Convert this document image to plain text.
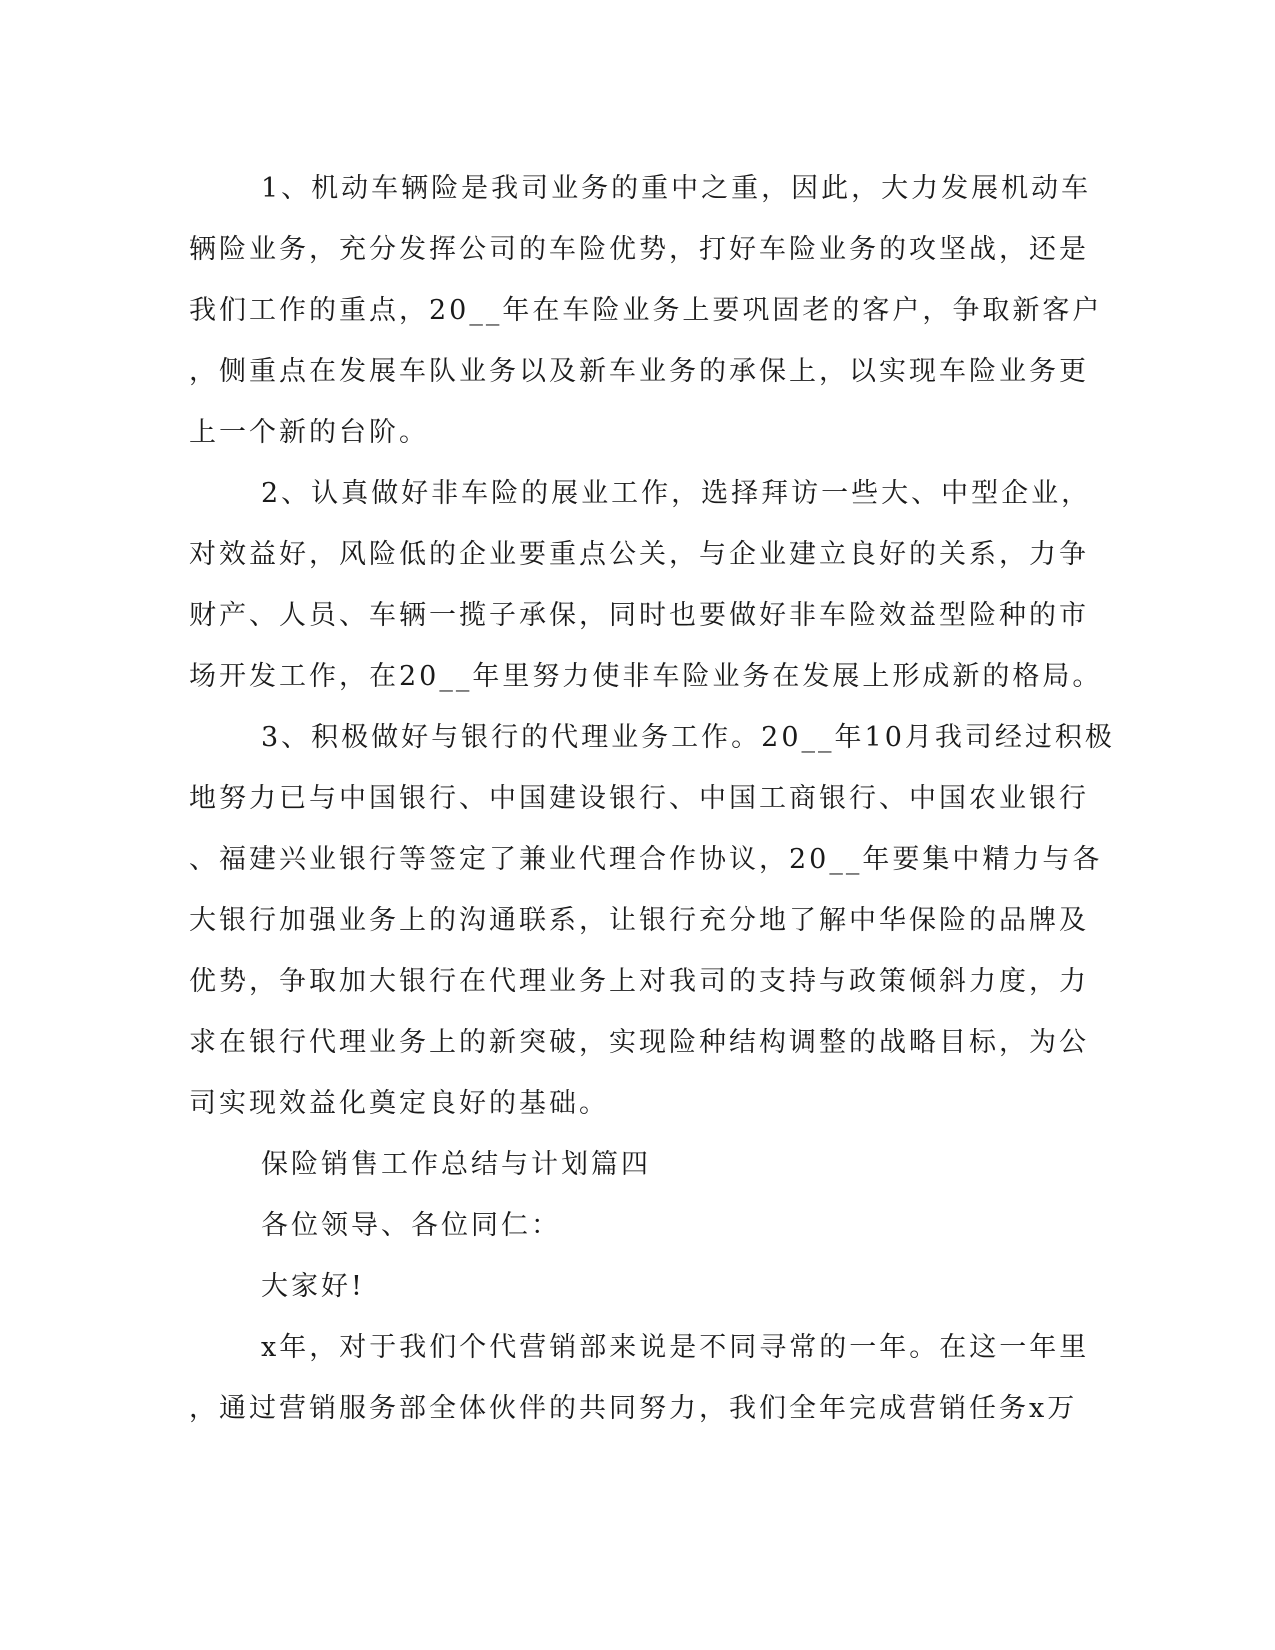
1、机动车辆险是我司业务的重中之重，因此，大力发展机动车
辆险业务，充分发挥公司的车险优势，打好车险业务的攻坚战，还是
我们工作的重点，20__年在车险业务上要巩固老的客户，争取新客户
，侧重点在发展车队业务以及新车业务的承保上，以实现车险业务更
上一个新的台阶。
2、认真做好非车险的展业工作，选择拜访一些大、中型企业，
对效益好，风险低的企业要重点公关，与企业建立良好的关系，力争
财产、人员、车辆一揽子承保，同时也要做好非车险效益型险种的市
场开发工作，在20__年里努力使非车险业务在发展上形成新的格局。
3、积极做好与银行的代理业务工作。20__年10月我司经过积极
地努力已与中国银行、中国建设银行、中国工商银行、中国农业银行
、福建兴业银行等签定了兼业代理合作协议，20__年要集中精力与各
大银行加强业务上的沟通联系，让银行充分地了解中华保险的品牌及
优势，争取加大银行在代理业务上对我司的支持与政策倾斜力度，力
求在银行代理业务上的新突破，实现险种结构调整的战略目标，为公
司实现效益化奠定良好的基础。
保险销售工作总结与计划篇四
各位领导、各位同仁：
大家好!
x年，对于我们个代营销部来说是不同寻常的一年。在这一年里
，通过营销服务部全体伙伴的共同努力，我们全年完成营销任务x万
